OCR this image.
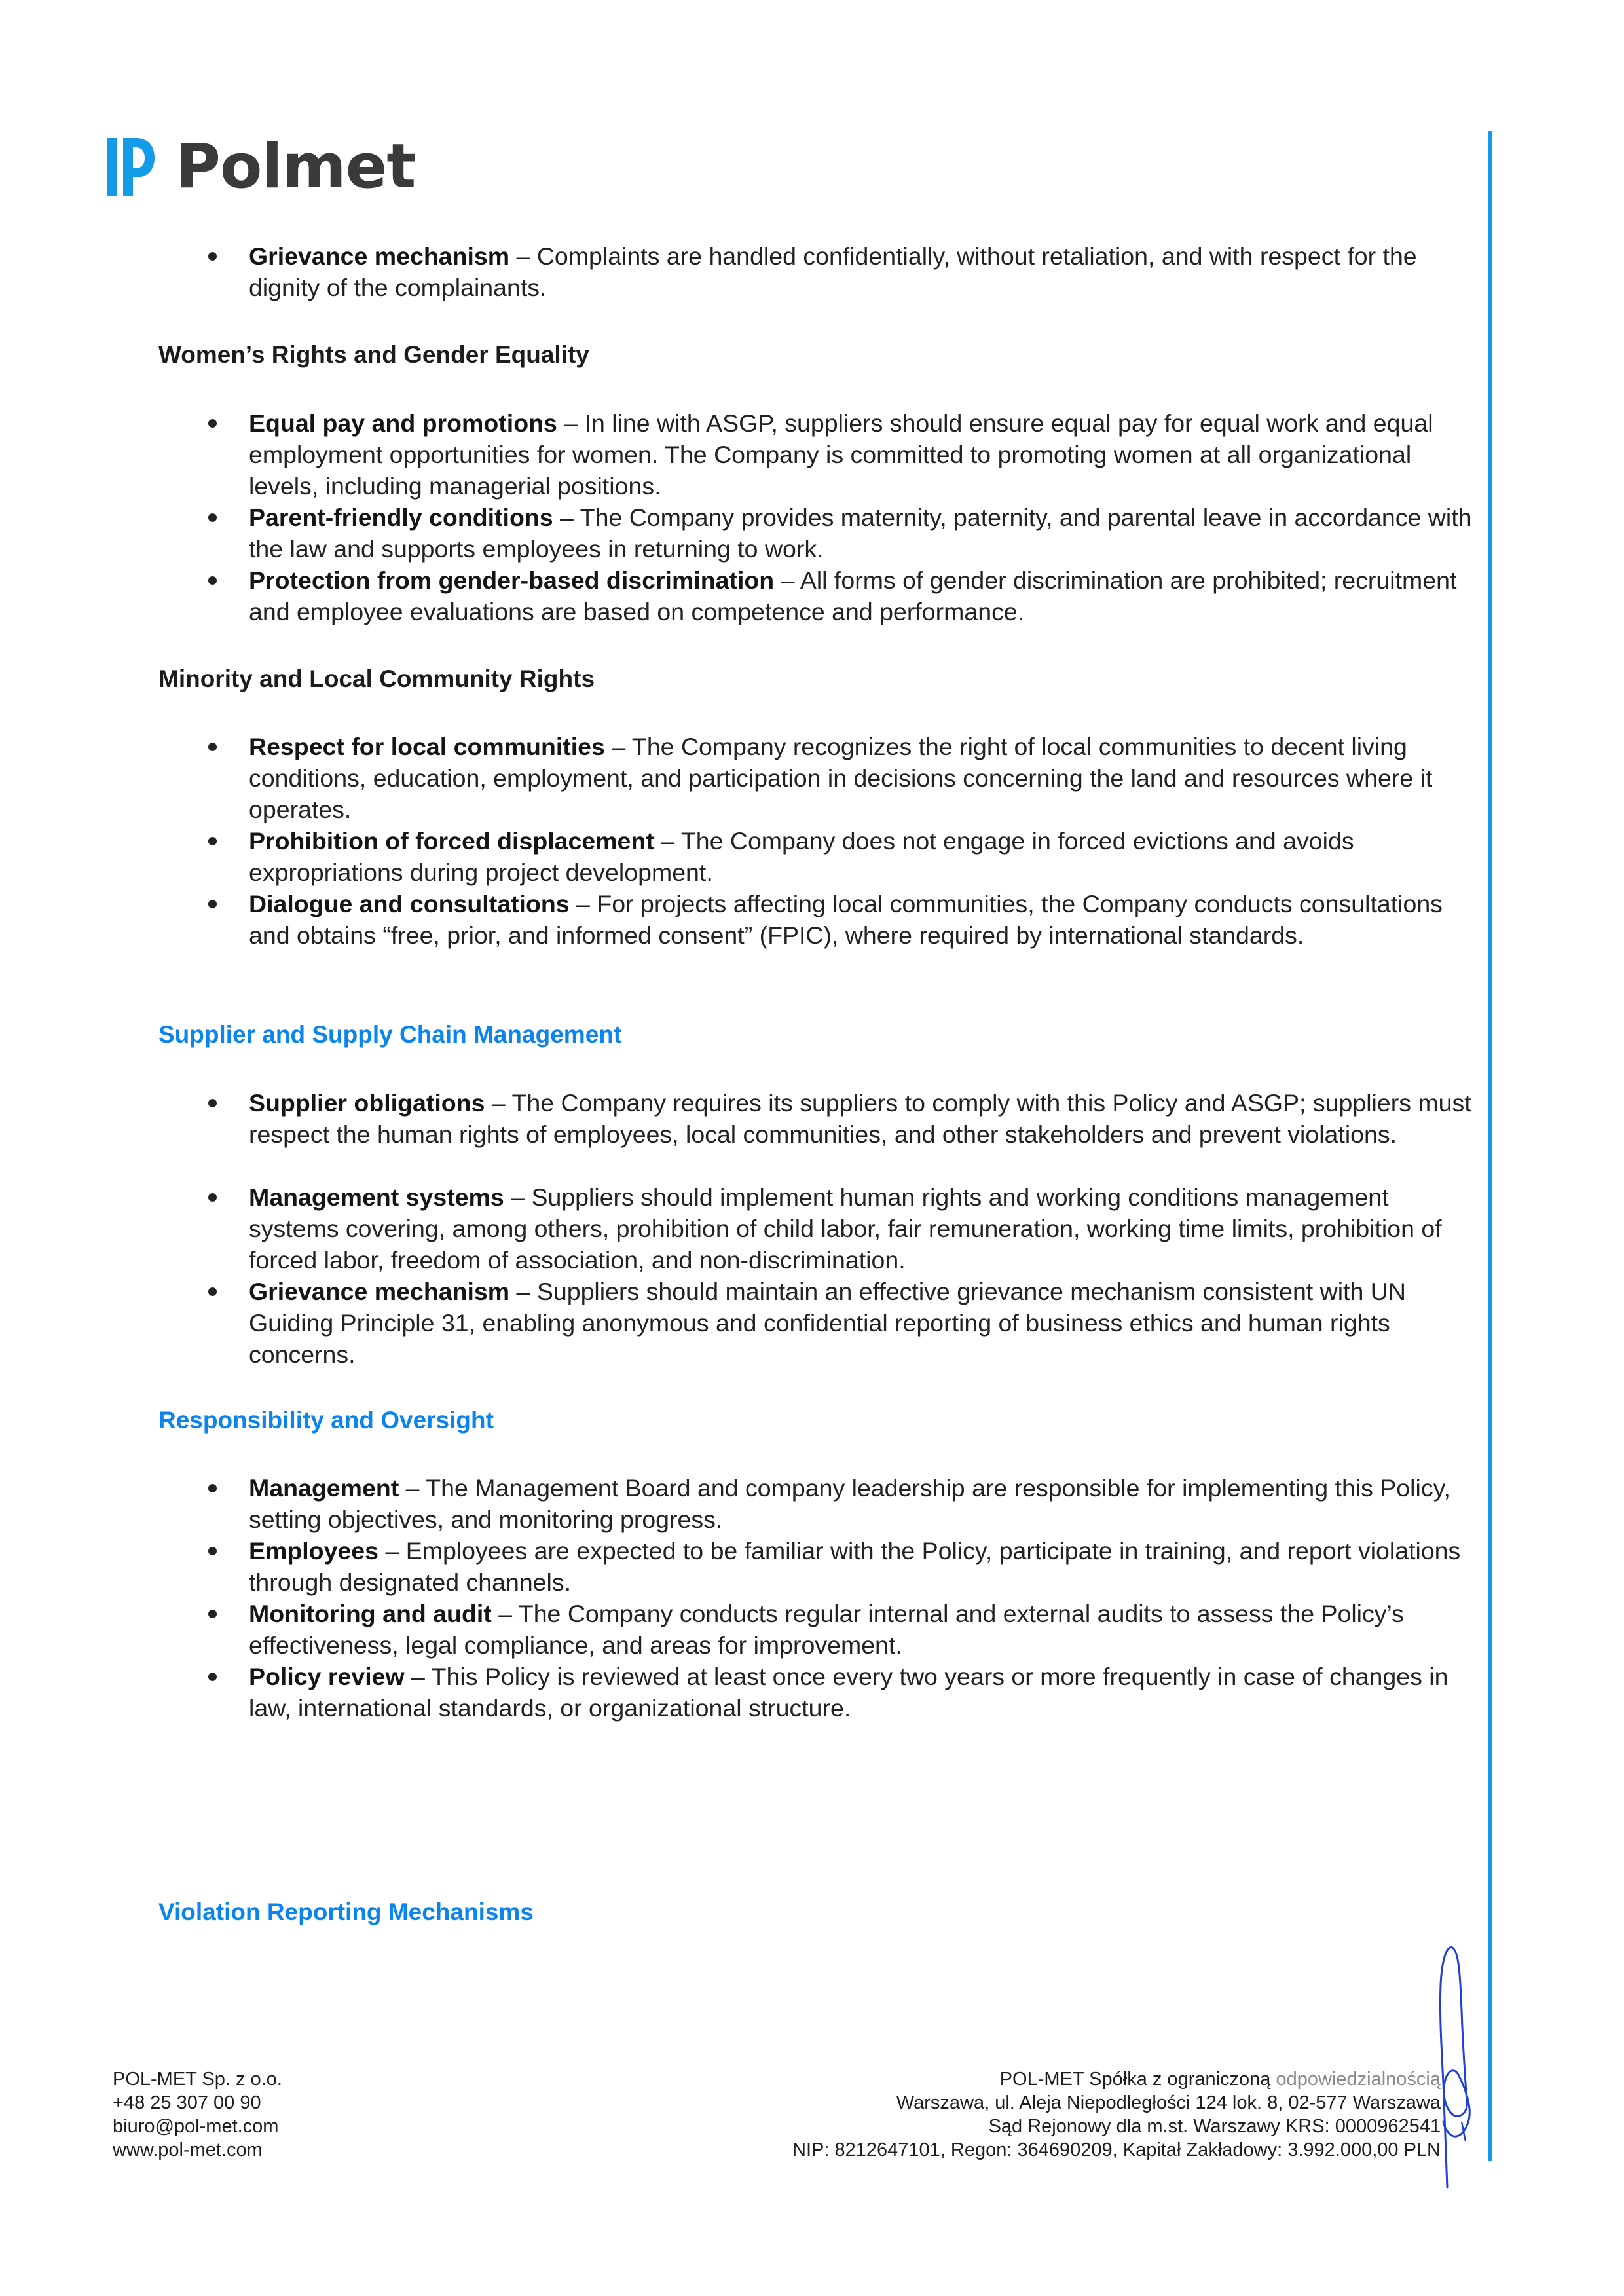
Polmet
Grievance mechanism – Complaints are handled confidentially, without retaliation, and with respect for the dignity of the complainants.
Women’s Rights and Gender Equality
Equal pay and promotions – In line with ASGP, suppliers should ensure equal pay for equal work and equal employment opportunities for women. The Company is committed to promoting women at all organizational levels, including managerial positions.
Parent-friendly conditions – The Company provides maternity, paternity, and parental leave in accordance with the law and supports employees in returning to work.
Protection from gender-based discrimination – All forms of gender discrimination are prohibited; recruitment and employee evaluations are based on competence and performance.
Minority and Local Community Rights
Respect for local communities – The Company recognizes the right of local communities to decent living conditions, education, employment, and participation in decisions concerning the land and resources where it operates.
Prohibition of forced displacement – The Company does not engage in forced evictions and avoids expropriations during project development.
Dialogue and consultations – For projects affecting local communities, the Company conducts consultations and obtains “free, prior, and informed consent” (FPIC), where required by international standards.
Supplier and Supply Chain Management
Supplier obligations – The Company requires its suppliers to comply with this Policy and ASGP; suppliers must respect the human rights of employees, local communities, and other stakeholders and prevent violations.
Management systems – Suppliers should implement human rights and working conditions management systems covering, among others, prohibition of child labor, fair remuneration, working time limits, prohibition of forced labor, freedom of association, and non-discrimination.
Grievance mechanism – Suppliers should maintain an effective grievance mechanism consistent with UN Guiding Principle 31, enabling anonymous and confidential reporting of business ethics and human rights concerns.
Responsibility and Oversight
Management – The Management Board and company leadership are responsible for implementing this Policy, setting objectives, and monitoring progress.
Employees – Employees are expected to be familiar with the Policy, participate in training, and report violations through designated channels.
Monitoring and audit – The Company conducts regular internal and external audits to assess the Policy’s effectiveness, legal compliance, and areas for improvement.
Policy review – This Policy is reviewed at least once every two years or more frequently in case of changes in law, international standards, or organizational structure.
Violation Reporting Mechanisms
POL-MET Sp. z o.o.
+48 25 307 00 90
biuro@pol-met.com
www.pol-met.com
POL-MET Spółka z ograniczoną odpowiedzialnością
Warszawa, ul. Aleja Niepodległości 124 lok. 8, 02-577 Warszawa
Sąd Rejonowy dla m.st. Warszawy KRS: 0000962541
NIP: 8212647101, Regon: 364690209, Kapitał Zakładowy: 3.992.000,00 PLN
